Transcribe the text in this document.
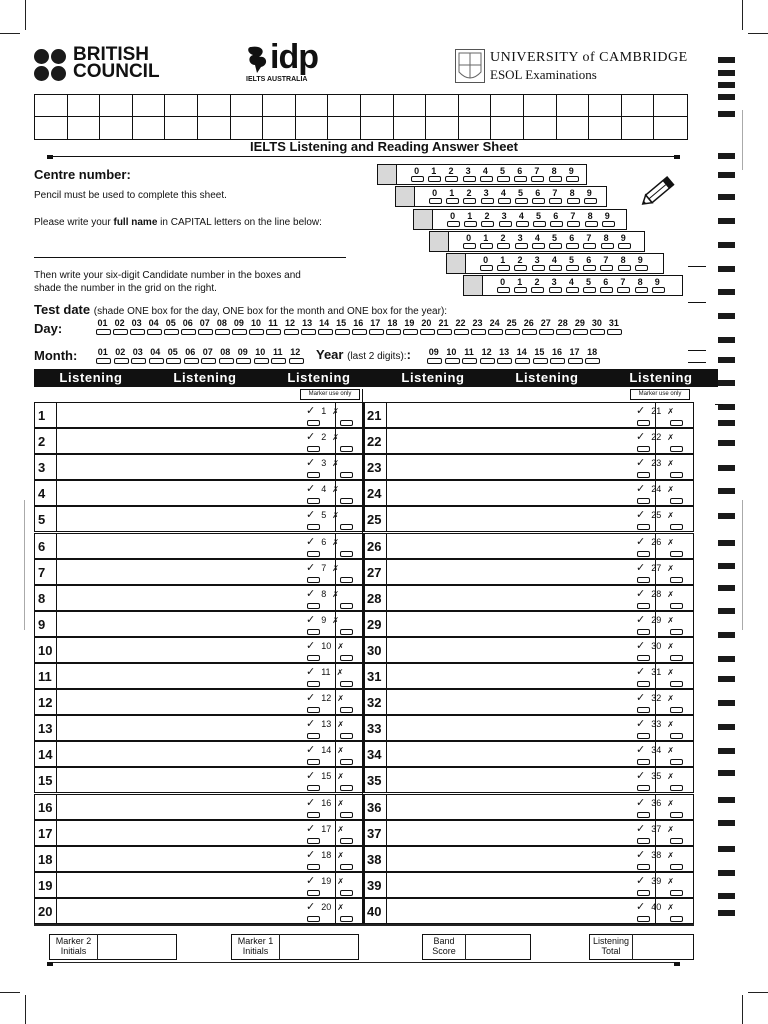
BRITISH
COUNCIL	idp
IELTS AUSTRALIA
UNIVERSITY of CAMBRIDGE
ESOL Examinations
IELTS Listening and Reading Answer Sheet
Centre number:
Pencil must be used to complete this sheet.
Please write your full name in CAPITAL letters on the line below:
Then write your six-digit Candidate number in the boxes and
shade the number in the grid on the right.
0	1	2	3	4	5	6	7	8	9
0	1	2	3	4	5	6	7	8	9
0	1	2	3	4	5	6	7	8	9
0	1	2	3	4	5	6	7	8	9
0	1	2	3	4	5	6	7	8	9
0	1	2	3	4	5	6	7	8	9
Test date (shade ONE box for the day, ONE box for the month and ONE box for the year):
Day:	01 02 03 04 05 06 07 08 09 10 11 12 13 14 15 16 17 18 19 20 21 22 23 24 25 26 27 28 29 30 31
Month:	01 02 03 04 05 06 07 08 09 10 11 12 Year (last 2 digits)::	09 10 11 12 13 14 15 16 17 18
Listening	Listening	Listening	Listening	Listening	Listening
Marker use only	Marker use only
1	✓ 1 ✗	21	✓ 21 ✗
2	✓ 2 ✗	22	✓ 22 ✗
3	✓ 3 ✗	23	✓ 23 ✗
4	✓ 4 ✗	24	✓ 24 ✗
5	✓ 5 ✗	25	✓ 25 ✗
6	✓ 6 ✗	26	✓ 26 ✗
7	✓ 7 ✗	27	✓ 27 ✗
8	✓ 8 ✗	28	✓ 28 ✗
9	✓ 9 ✗	29	✓ 29 ✗
10	✓ 10 ✗	30	✓ 30 ✗
11	✓ 11 ✗	31	✓ 31 ✗
12	✓ 12 ✗	32	✓ 32 ✗
13	✓ 13 ✗	33	✓ 33 ✗
14	✓ 14 ✗	34	✓ 34 ✗
15	✓ 15 ✗	35	✓ 35 ✗
16	✓ 16 ✗	36	✓ 36 ✗
17	✓ 17 ✗	37	✓ 37 ✗
18	✓ 18 ✗	38	✓ 38 ✗
19	✓ 19 ✗	39	✓ 39 ✗
20	✓ 20 ✗	40	✓ 40 ✗
Marker 2
Initials
Marker 1
Initials
Band
Score
Listening
Total
